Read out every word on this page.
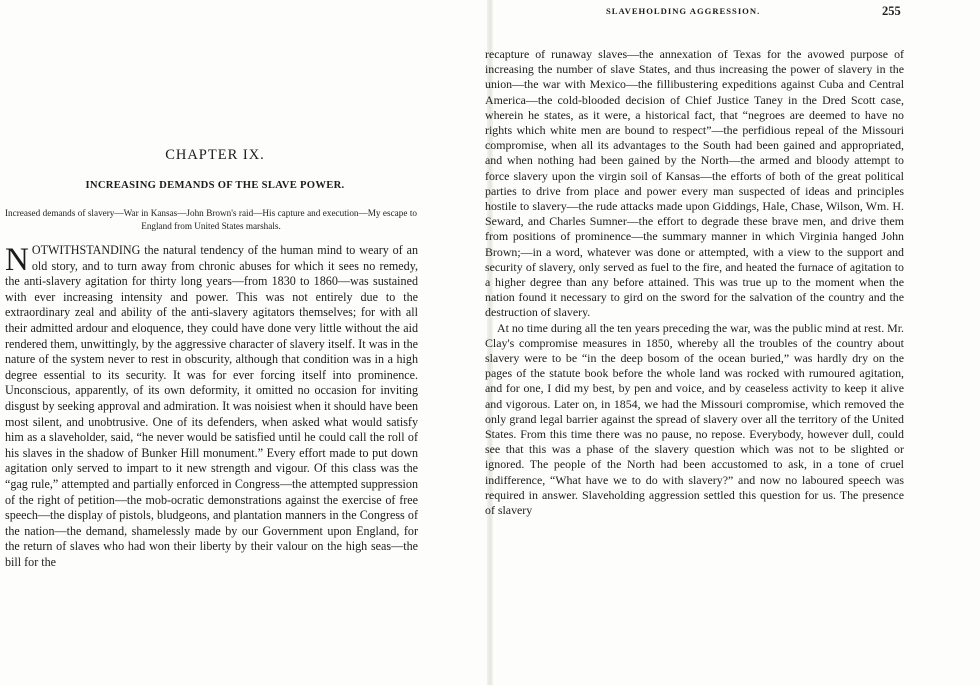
CHAPTER IX.
INCREASING DEMANDS OF THE SLAVE POWER.
Increased demands of slavery—War in Kansas—John Brown's raid—His capture and execution—My escape to England from United States marshals.

NOTWITHSTANDING the natural tendency of the human mind to weary of an old story, and to turn away from chronic abuses for which it sees no remedy, the anti-slavery agitation for thirty long years—from 1830 to 1860—was sustained with ever increasing intensity and power. This was not entirely due to the extraordinary zeal and ability of the anti-slavery agitators themselves; for with all their admitted ardour and eloquence, they could have done very little without the aid rendered them, unwittingly, by the aggressive character of slavery itself. It was in the nature of the system never to rest in obscurity, although that condition was in a high degree essential to its security. It was for ever forcing itself into prominence. Unconscious, apparently, of its own deformity, it omitted no occasion for inviting disgust by seeking approval and admiration. It was noisiest when it should have been most silent, and unobtrusive. One of its defenders, when asked what would satisfy him as a slaveholder, said, “he never would be satisfied until he could call the roll of his slaves in the shadow of Bunker Hill monument.” Every effort made to put down agitation only served to impart to it new strength and vigour. Of this class was the “gag rule,” attempted and partially enforced in Congress—the attempted suppression of the right of petition—the mob-ocratic demonstrations against the exercise of free speech—the display of pistols, bludgeons, and plantation manners in the Congress of the nation—the demand, shamelessly made by our Government upon England, for the return of slaves who had won their liberty by their valour on the high seas—the bill for the

SLAVEHOLDING AGGRESSION.	255

recapture of runaway slaves—the annexation of Texas for the avowed purpose of increasing the number of slave States, and thus increasing the power of slavery in the union—the war with Mexico—the fillibustering expeditions against Cuba and Central America—the cold-blooded decision of Chief Justice Taney in the Dred Scott case, wherein he states, as it were, a historical fact, that “negroes are deemed to have no rights which white men are bound to respect”—the perfidious repeal of the Missouri compromise, when all its advantages to the South had been gained and appropriated, and when nothing had been gained by the North—the armed and bloody attempt to force slavery upon the virgin soil of Kansas—the efforts of both of the great political parties to drive from place and power every man suspected of ideas and principles hostile to slavery—the rude attacks made upon Giddings, Hale, Chase, Wilson, Wm. H. Seward, and Charles Sumner—the effort to degrade these brave men, and drive them from positions of prominence—the summary manner in which Virginia hanged John Brown;—in a word, whatever was done or attempted, with a view to the support and security of slavery, only served as fuel to the fire, and heated the furnace of agitation to a higher degree than any before attained. This was true up to the moment when the nation found it necessary to gird on the sword for the salvation of the country and the destruction of slavery.

At no time during all the ten years preceding the war, was the public mind at rest. Mr. Clay's compromise measures in 1850, whereby all the troubles of the country about slavery were to be “in the deep bosom of the ocean buried,” was hardly dry on the pages of the statute book before the whole land was rocked with rumoured agitation, and for one, I did my best, by pen and voice, and by ceaseless activity to keep it alive and vigorous. Later on, in 1854, we had the Missouri compromise, which removed the only grand legal barrier against the spread of slavery over all the territory of the United States. From this time there was no pause, no repose. Everybody, however dull, could see that this was a phase of the slavery question which was not to be slighted or ignored. The people of the North had been accustomed to ask, in a tone of cruel indifference, “What have we to do with slavery?” and now no laboured speech was required in answer. Slaveholding aggression settled this question for us. The presence of slavery
